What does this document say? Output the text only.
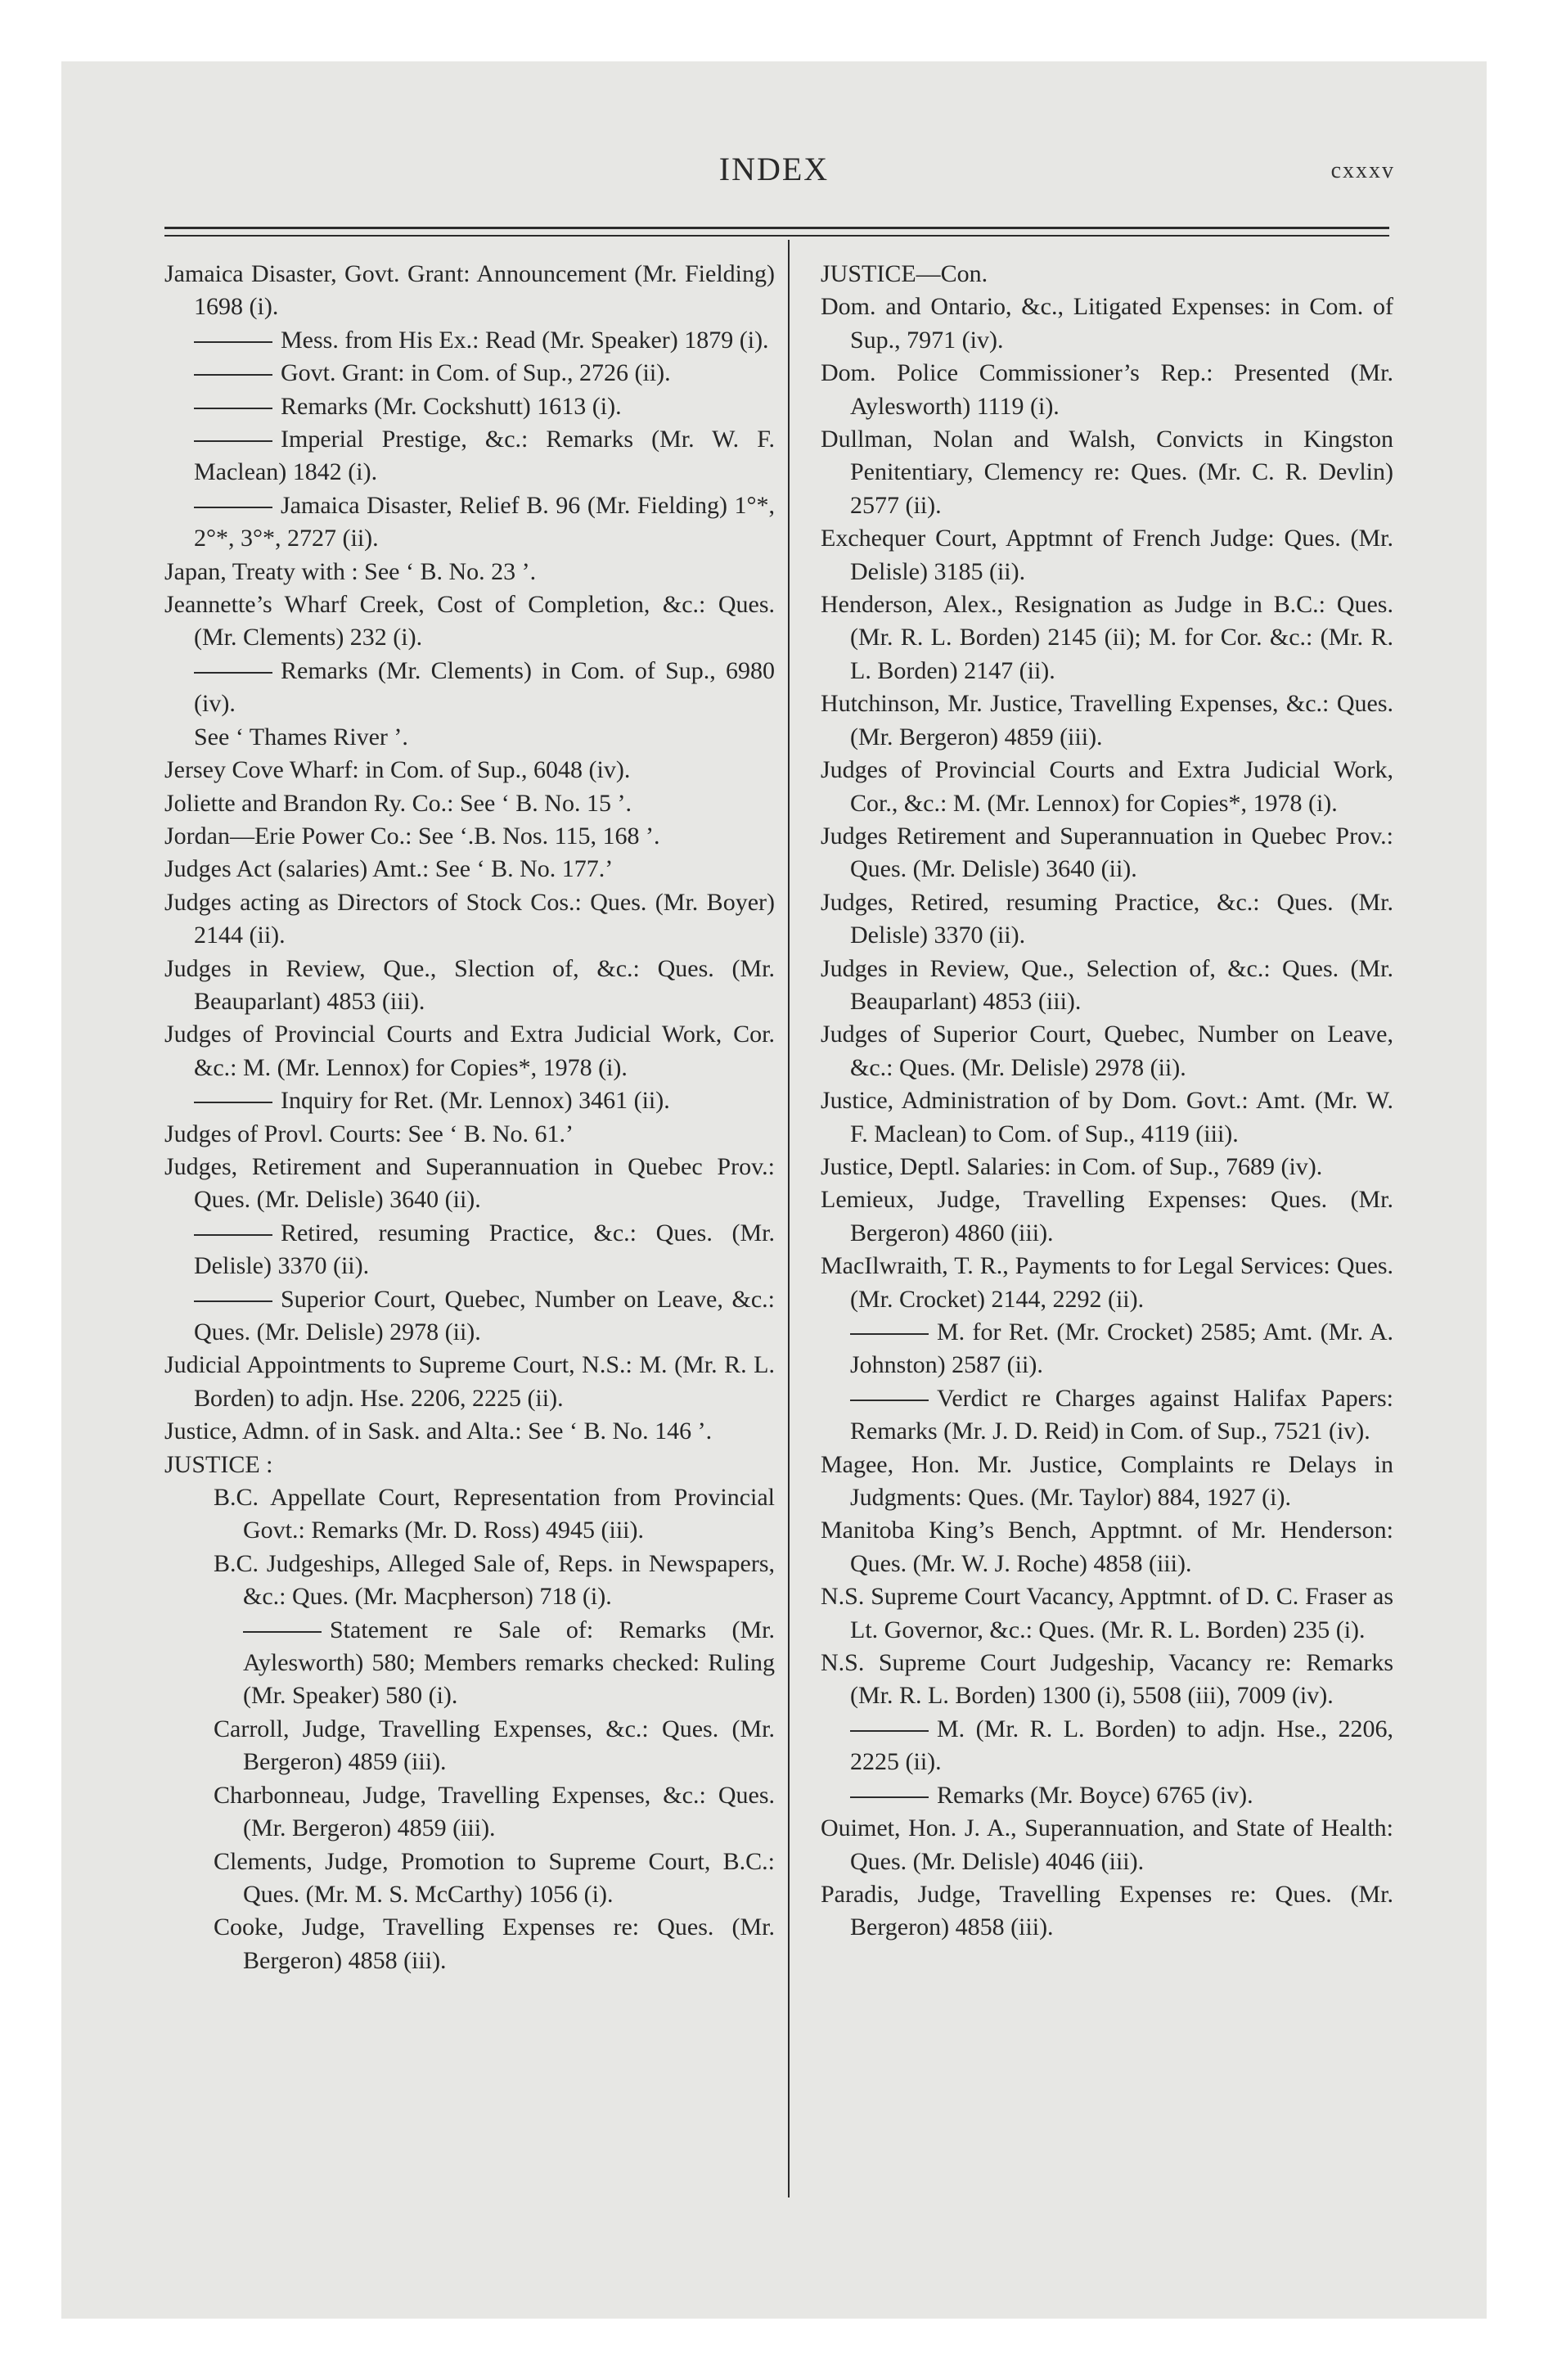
INDEX	cxxxv

Jamaica Disaster, Govt. Grant: Announcement (Mr. Fielding) 1698 (i).

Mess. from His Ex.: Read (Mr. Speaker) 1879 (i).

Govt. Grant: in Com. of Sup., 2726 (ii).

Remarks (Mr. Cockshutt) 1613 (i).

Imperial Prestige, &c.: Remarks (Mr. W. F. Maclean) 1842 (i).

Jamaica Disaster, Relief B. 96 (Mr. Fielding) 1°*, 2°*, 3°*, 2727 (ii).

Japan, Treaty with : See ‘ B. No. 23 ’.

Jeannette’s Wharf Creek, Cost of Completion, &c.: Ques. (Mr. Clements) 232 (i).

Remarks (Mr. Clements) in Com. of Sup., 6980 (iv).

See ‘ Thames River ’.

Jersey Cove Wharf: in Com. of Sup., 6048 (iv).

Joliette and Brandon Ry. Co.: See ‘ B. No. 15 ’.

Jordan—Erie Power Co.: See ‘.B. Nos. 115, 168 ’.

Judges Act (salaries) Amt.: See ‘ B. No. 177.’

Judges acting as Directors of Stock Cos.: Ques. (Mr. Boyer) 2144 (ii).

Judges in Review, Que., Slection of, &c.: Ques. (Mr. Beauparlant) 4853 (iii).

Judges of Provincial Courts and Extra Judicial Work, Cor. &c.: M. (Mr. Lennox) for Copies*, 1978 (i).

Inquiry for Ret. (Mr. Lennox) 3461 (ii).

Judges of Provl. Courts: See ‘ B. No. 61.’

Judges, Retirement and Superannuation in Quebec Prov.: Ques. (Mr. Delisle) 3640 (ii).

Retired, resuming Practice, &c.: Ques. (Mr. Delisle) 3370 (ii).

Superior Court, Quebec, Number on Leave, &c.: Ques. (Mr. Delisle) 2978 (ii).

Judicial Appointments to Supreme Court, N.S.: M. (Mr. R. L. Borden) to adjn. Hse. 2206, 2225 (ii).

Justice, Admn. of in Sask. and Alta.: See ‘ B. No. 146 ’.

JUSTICE :

B.C. Appellate Court, Representation from Provincial Govt.: Remarks (Mr. D. Ross) 4945 (iii).

B.C. Judgeships, Alleged Sale of, Reps. in Newspapers, &c.: Ques. (Mr. Macpherson) 718 (i).

Statement re Sale of: Remarks (Mr. Aylesworth) 580; Members remarks checked: Ruling (Mr. Speaker) 580 (i).

Carroll, Judge, Travelling Expenses, &c.: Ques. (Mr. Bergeron) 4859 (iii).

Charbonneau, Judge, Travelling Expenses, &c.: Ques. (Mr. Bergeron) 4859 (iii).

Clements, Judge, Promotion to Supreme Court, B.C.: Ques. (Mr. M. S. McCarthy) 1056 (i).

Cooke, Judge, Travelling Expenses re: Ques. (Mr. Bergeron) 4858 (iii).

JUSTICE—Con.

Dom. and Ontario, &c., Litigated Expenses: in Com. of Sup., 7971 (iv).

Dom. Police Commissioner’s Rep.: Presented (Mr. Aylesworth) 1119 (i).

Dullman, Nolan and Walsh, Convicts in Kingston Penitentiary, Clemency re: Ques. (Mr. C. R. Devlin) 2577 (ii).

Exchequer Court, Apptmnt of French Judge: Ques. (Mr. Delisle) 3185 (ii).

Henderson, Alex., Resignation as Judge in B.C.: Ques. (Mr. R. L. Borden) 2145 (ii); M. for Cor. &c.: (Mr. R. L. Borden) 2147 (ii).

Hutchinson, Mr. Justice, Travelling Expenses, &c.: Ques. (Mr. Bergeron) 4859 (iii).

Judges of Provincial Courts and Extra Judicial Work, Cor., &c.: M. (Mr. Lennox) for Copies*, 1978 (i).

Judges Retirement and Superannuation in Quebec Prov.: Ques. (Mr. Delisle) 3640 (ii).

Judges, Retired, resuming Practice, &c.: Ques. (Mr. Delisle) 3370 (ii).

Judges in Review, Que., Selection of, &c.: Ques. (Mr. Beauparlant) 4853 (iii).

Judges of Superior Court, Quebec, Number on Leave, &c.: Ques. (Mr. Delisle) 2978 (ii).

Justice, Administration of by Dom. Govt.: Amt. (Mr. W. F. Maclean) to Com. of Sup., 4119 (iii).

Justice, Deptl. Salaries: in Com. of Sup., 7689 (iv).

Lemieux, Judge, Travelling Expenses: Ques. (Mr. Bergeron) 4860 (iii).

MacIlwraith, T. R., Payments to for Legal Services: Ques. (Mr. Crocket) 2144, 2292 (ii).

M. for Ret. (Mr. Crocket) 2585; Amt. (Mr. A. Johnston) 2587 (ii).

Verdict re Charges against Halifax Papers: Remarks (Mr. J. D. Reid) in Com. of Sup., 7521 (iv).

Magee, Hon. Mr. Justice, Complaints re Delays in Judgments: Ques. (Mr. Taylor) 884, 1927 (i).

Manitoba King’s Bench, Apptmnt. of Mr. Henderson: Ques. (Mr. W. J. Roche) 4858 (iii).

N.S. Supreme Court Vacancy, Apptmnt. of D. C. Fraser as Lt. Governor, &c.: Ques. (Mr. R. L. Borden) 235 (i).

N.S. Supreme Court Judgeship, Vacancy re: Remarks (Mr. R. L. Borden) 1300 (i), 5508 (iii), 7009 (iv).

M. (Mr. R. L. Borden) to adjn. Hse., 2206, 2225 (ii).

Remarks (Mr. Boyce) 6765 (iv).

Ouimet, Hon. J. A., Superannuation, and State of Health: Ques. (Mr. Delisle) 4046 (iii).

Paradis, Judge, Travelling Expenses re: Ques. (Mr. Bergeron) 4858 (iii).
